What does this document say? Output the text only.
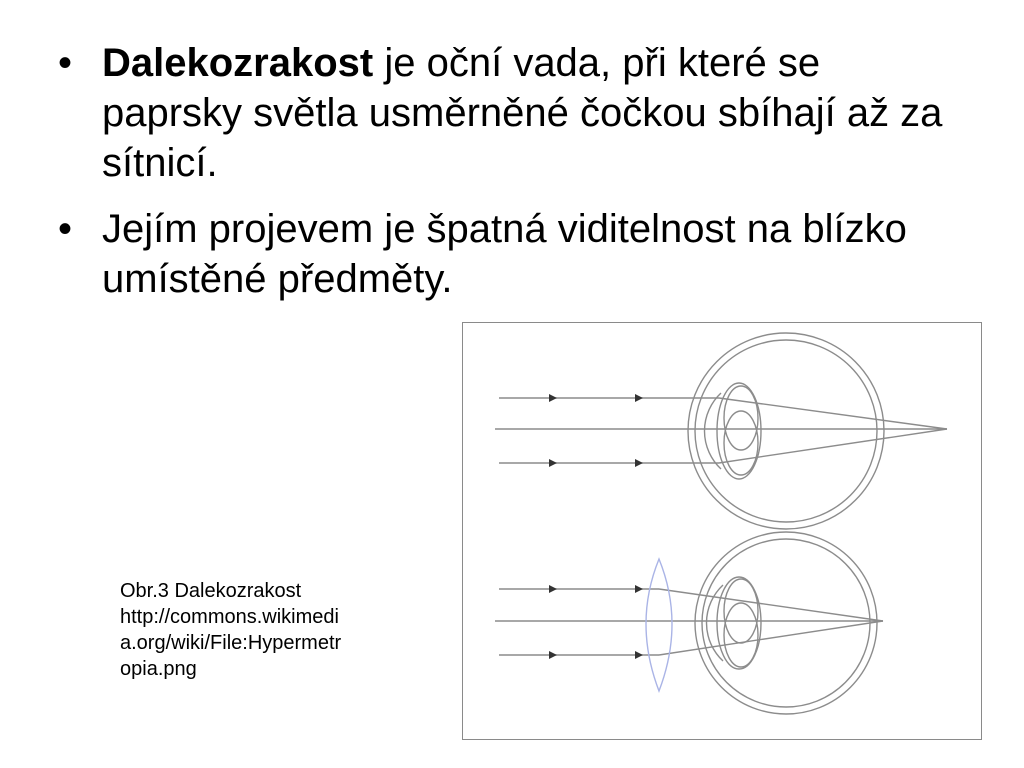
• Dalekozrakost je oční vada, při které se paprsky světla usměrněné čočkou sbíhají až za sítnicí.
• Jejím projevem je špatná viditelnost na blízko umístěné předměty.
Obr.3 Dalekozrakost
http://commons.wikimedi
a.org/wiki/File:Hypermetr
opia.png
